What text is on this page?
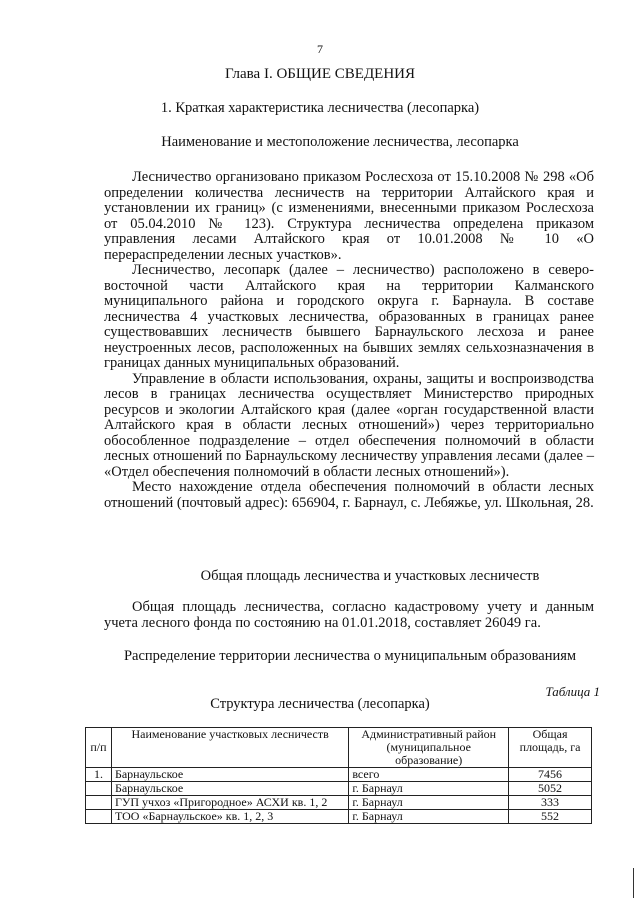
7
Глава I. ОБЩИЕ СВЕДЕНИЯ
1. Краткая характеристика лесничества (лесопарка)
Наименование и местоположение лесничества, лесопарка

Лесничество организовано приказом Рослесхоза от 15.10.2008 № 298 «Об определении количества лесничеств на территории Алтайского края и установлении их границ» (с изменениями, внесенными приказом Рослесхоза от 05.04.2010 № 123). Структура лесничества определена приказом управления лесами Алтайского края от 10.01.2008 № 10 «О перераспределении лесных участков».

Лесничество, лесопарк (далее – лесничество) расположено в северо-восточной части Алтайского края на территории Калманского муниципального района и городского округа г. Барнаула. В составе лесничества 4 участковых лесничества, образованных в границах ранее существовавших лесничеств бывшего Барнаульского лесхоза и ранее неустроенных лесов, расположенных на бывших землях сельхозназначения в границах данных муниципальных образований.

Управление в области использования, охраны, защиты и воспроизводства лесов в границах лесничества осуществляет Министерство природных ресурсов и экологии Алтайского края (далее «орган государственной власти Алтайского края в области лесных отношений») через территориально обособленное подразделение – отдел обеспечения полномочий в области лесных отношений по Барнаульскому лесничеству управления лесами (далее – «Отдел обеспечения полномочий в области лесных отношений»).

Место нахождение отдела обеспечения полномочий в области лесных отношений (почтовый адрес): 656904, г. Барнаул, с. Лебяжье, ул. Школьная, 28.

Общая площадь лесничества и участковых лесничеств

Общая площадь лесничества, согласно кадастровому учету и данным учета лесного фонда по состоянию на 01.01.2018, составляет 26049 га.

Распределение территории лесничества о муниципальным образованиям
Таблица 1
Структура лесничества (лесопарка)
п/п	Наименование участковых лесничеств	Административный район (муниципальное образование)	Общая площадь, га
1.	Барнаульское	всего	7456
	Барнаульское	г. Барнаул	5052
	ГУП учхоз «Пригородное» АСХИ кв. 1, 2	г. Барнаул	333
	ТОО «Барнаульское» кв. 1, 2, 3	г. Барнаул	552
